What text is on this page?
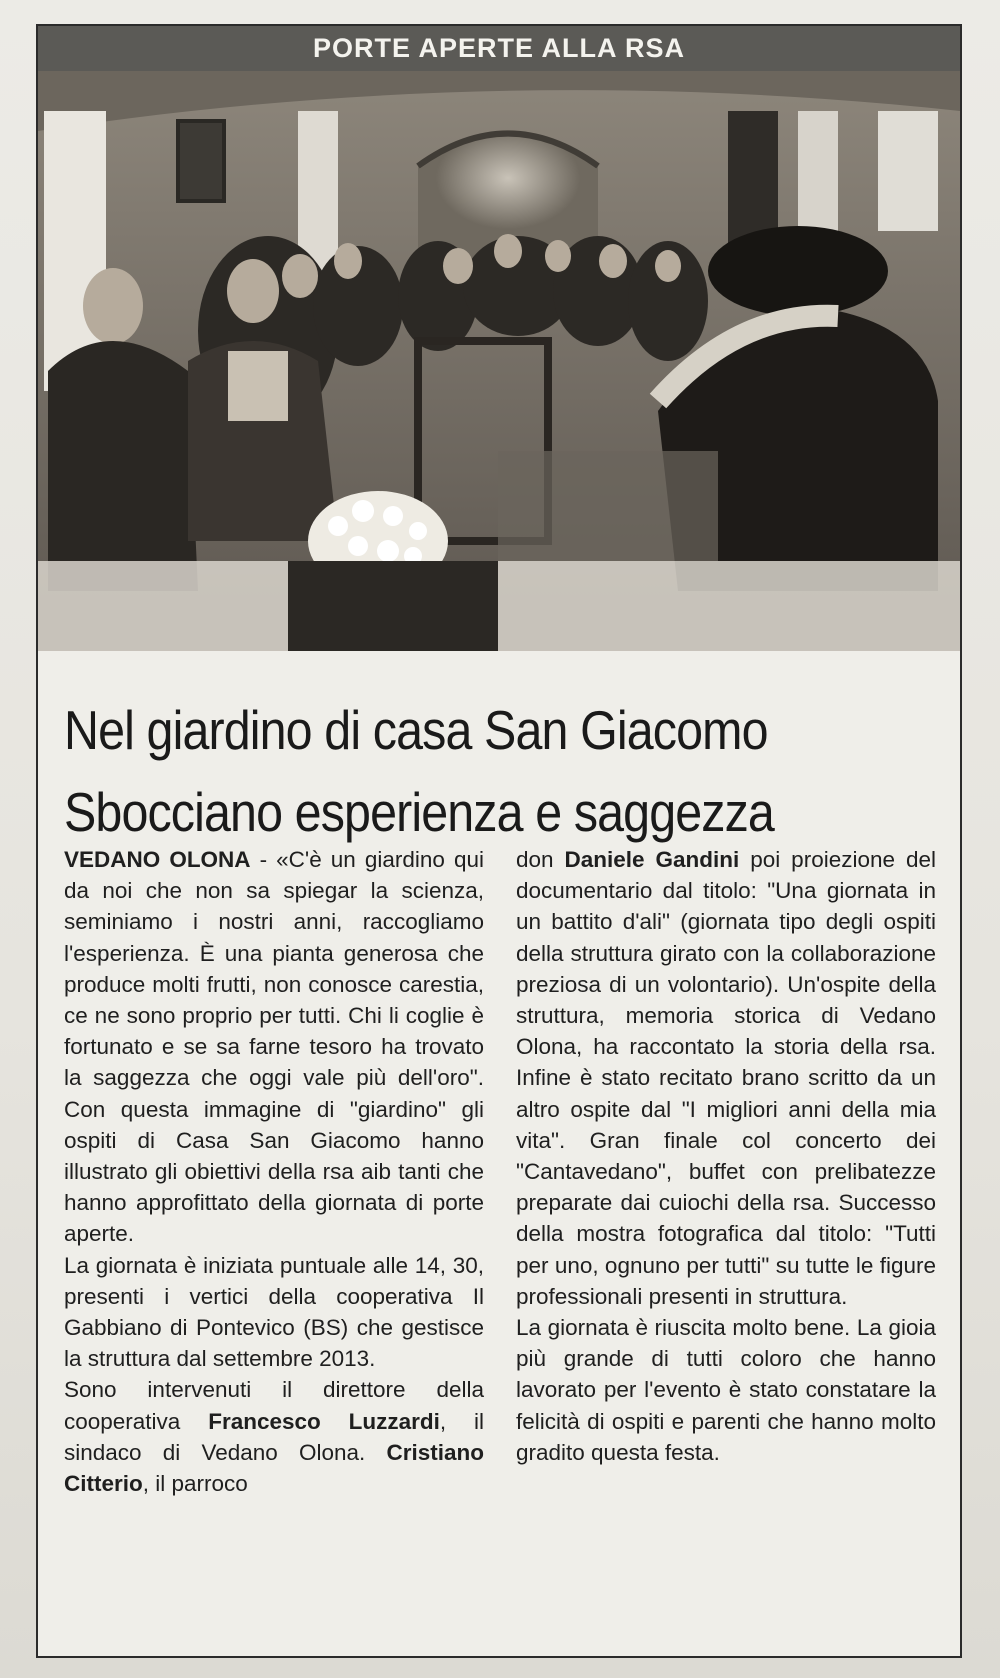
PORTE APERTE ALLA RSA
Nel giardino di casa San Giacomo
Sbocciano esperienza e saggezza

VEDANO OLONA - «C'è un giardino qui da noi che non sa spiegar la scienza, seminiamo i nostri anni, raccogliamo l'esperienza. È una pianta generosa che produce molti frutti, non conosce carestia, ce ne sono proprio per tutti. Chi li coglie è fortunato e se sa farne tesoro ha trovato la saggezza che oggi vale più dell'oro". Con questa immagine di "giardino" gli ospiti di Casa San Giacomo hanno illustrato gli obiettivi della rsa aib tanti che hanno approfittato della giornata di porte aperte.

La giornata è iniziata puntuale alle 14, 30, presenti i vertici della cooperativa Il Gabbiano di Pontevico (BS) che gestisce la struttura dal settembre 2013.

Sono intervenuti il direttore della cooperativa Francesco Luzzardi, il sindaco di Vedano Olona. Cristiano Citterio, il parroco

don Daniele Gandini poi proiezione del documentario dal titolo: "Una giornata in un battito d'ali" (giornata tipo degli ospiti della struttura girato con la collaborazione preziosa di un volontario). Un'ospite della struttura, memoria storica di Vedano Olona, ha raccontato la storia della rsa. Infine è stato recitato brano scritto da un altro ospite dal "I migliori anni della mia vita". Gran finale col concerto dei "Cantavedano", buffet con prelibatezze preparate dai cuiochi della rsa. Successo della mostra fotografica dal titolo: "Tutti per uno, ognuno per tutti" su tutte le figure professionali presenti in struttura.

La giornata è riuscita molto bene. La gioia più grande di tutti coloro che hanno lavorato per l'evento è stato constatare la felicità di ospiti e parenti che hanno molto gradito questa festa.
